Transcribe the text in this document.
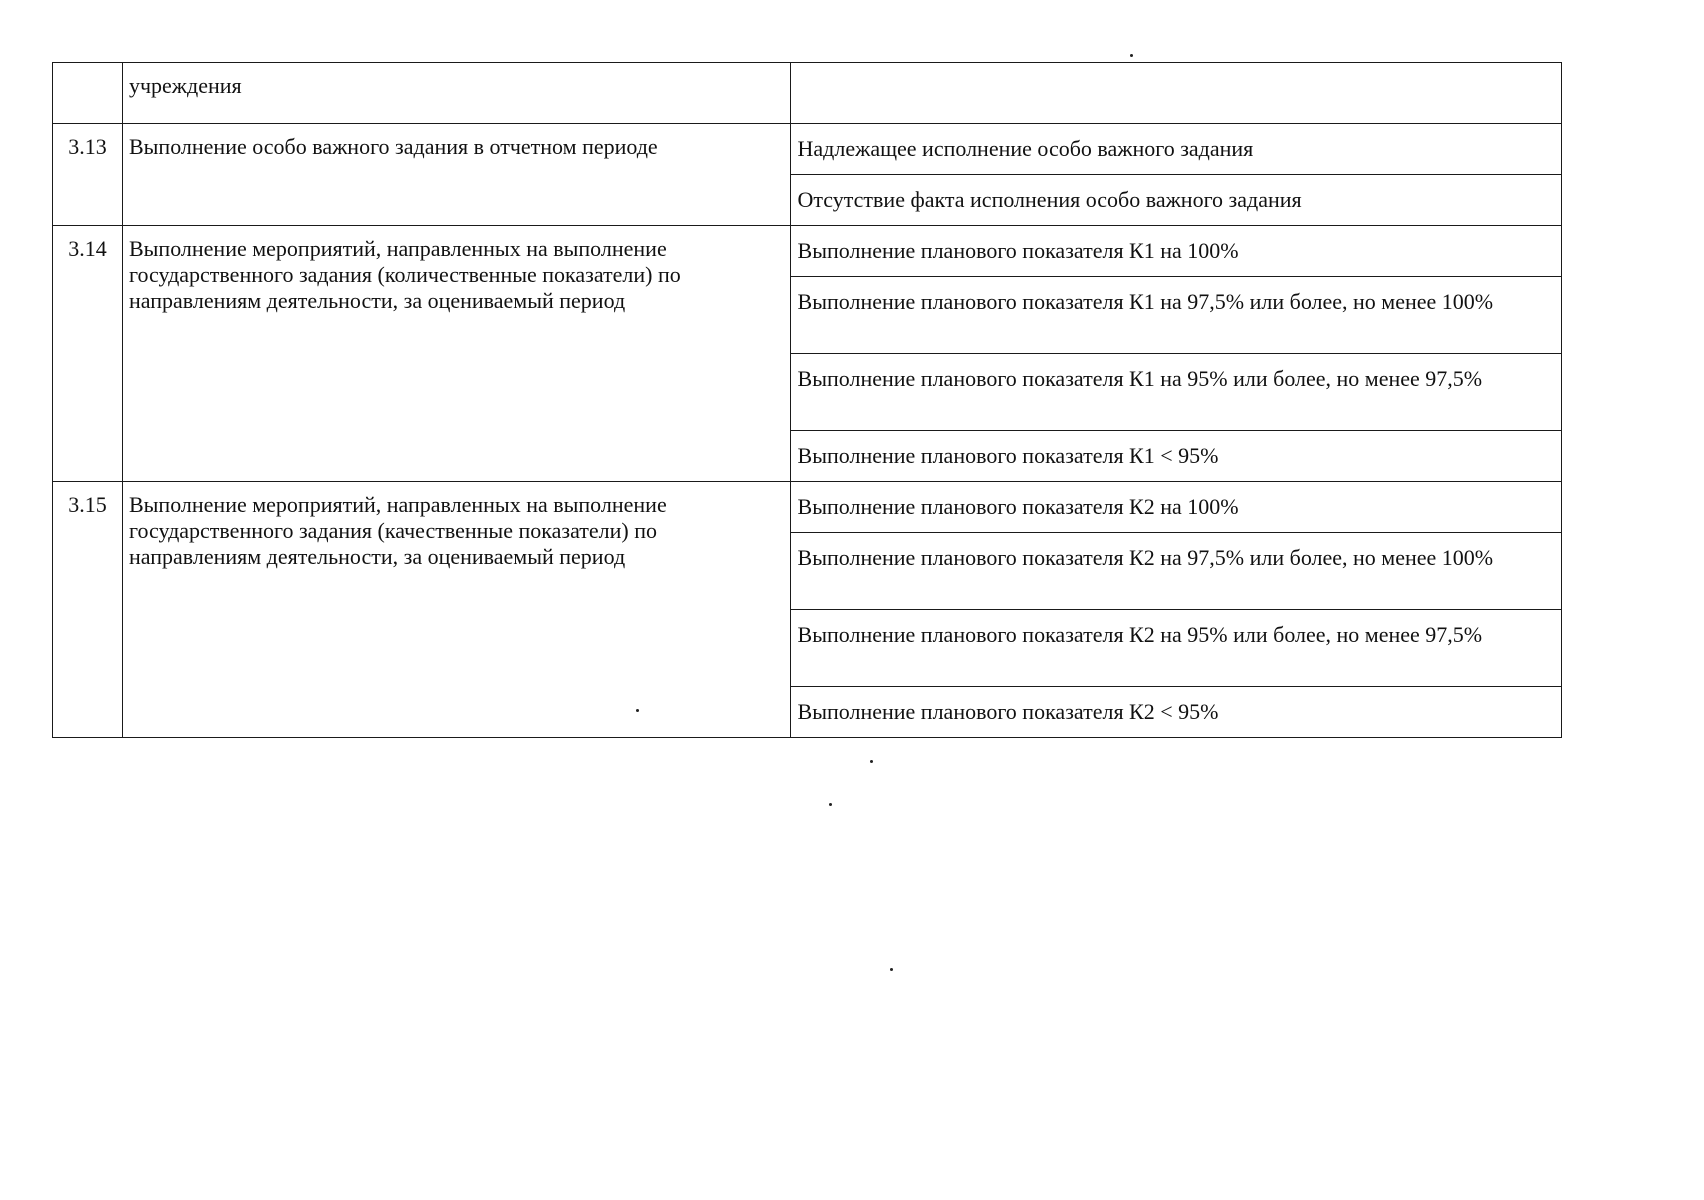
	учреждения	
3.13	Выполнение особо важного задания в отчетном периоде	Надлежащее исполнение особо важного задания
		Отсутствие факта исполнения особо важного задания
3.14	Выполнение мероприятий, направленных на выполнение государственного задания (количественные показатели) по направлениям деятельности, за оцениваемый период	Выполнение планового показателя К1 на 100%
		Выполнение планового показателя К1 на 97,5% или более, но менее 100%
		Выполнение планового показателя К1 на 95% или более, но менее 97,5%
		Выполнение планового показателя К1 < 95%
3.15	Выполнение мероприятий, направленных на выполнение государственного задания (качественные показатели) по направлениям деятельности, за оцениваемый период	Выполнение планового показателя К2 на 100%
		Выполнение планового показателя К2 на 97,5% или более, но менее 100%
		Выполнение планового показателя К2 на 95% или более, но менее 97,5%
		Выполнение планового показателя К2 < 95%
